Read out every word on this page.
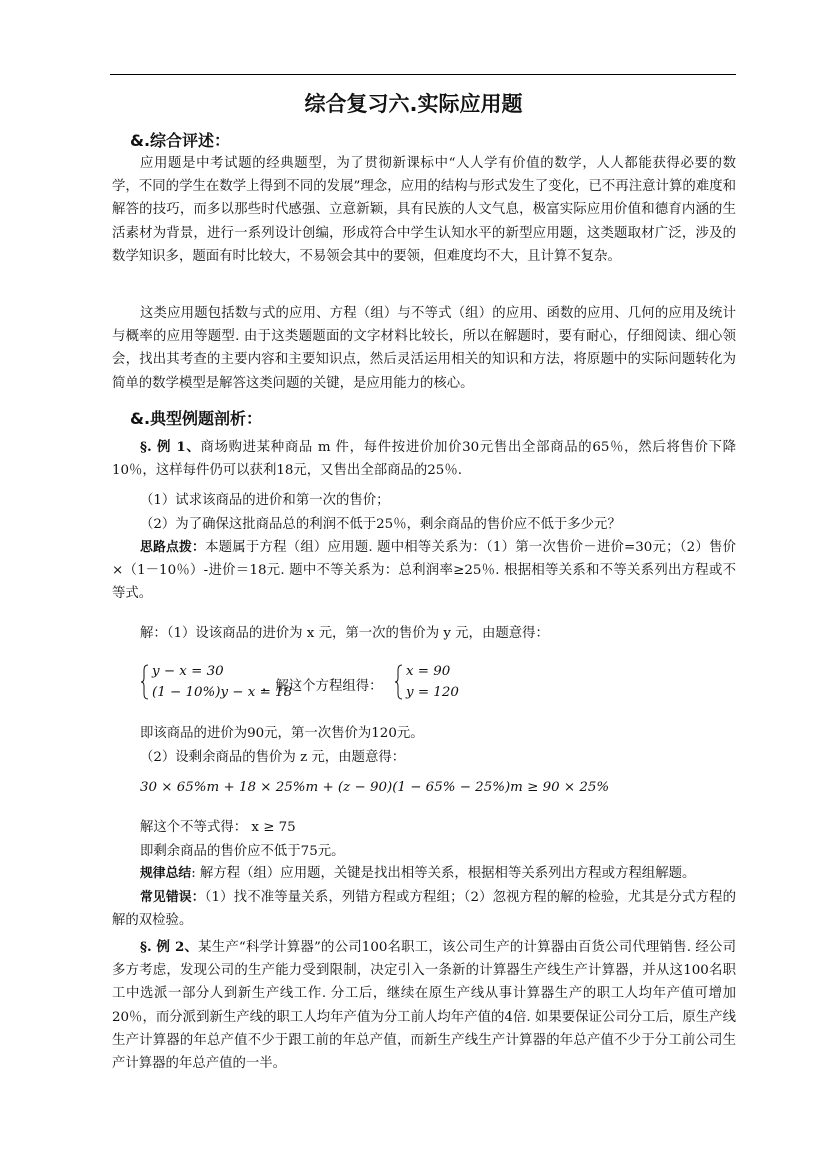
综合复习六.实际应用题
&.综合评述：

应用题是中考试题的经典题型，为了贯彻新课标中“人人学有价值的数学，人人都能获得必要的数学，不同的学生在数学上得到不同的发展”理念，应用的结构与形式发生了变化，已不再注意计算的难度和解答的技巧，而多以那些时代感强、立意新颖，具有民族的人文气息，极富实际应用价值和德育内涵的生活素材为背景，进行一系列设计创编，形成符合中学生认知水平的新型应用题，这类题取材广泛，涉及的数学知识多，题面有时比较大，不易领会其中的要领，但难度均不大，且计算不复杂。

这类应用题包括数与式的应用、方程（组）与不等式（组）的应用、函数的应用、几何的应用及统计与概率的应用等题型. 由于这类题题面的文字材料比较长，所以在解题时，要有耐心，仔细阅读、细心领会，找出其考查的主要内容和主要知识点，然后灵活运用相关的知识和方法，将原题中的实际问题转化为简单的数学模型是解答这类问题的关键，是应用能力的核心。

&.典型例题剖析：

§. 例 1、商场购进某种商品 m 件，每件按进价加价30元售出全部商品的65％，然后将售价下降10％，这样每件仍可以获利18元，又售出全部商品的25％.

（1）试求该商品的进价和第一次的售价；
（2）为了确保这批商品总的利润不低于25％，剩余商品的售价应不低于多少元？

思路点拨：本题属于方程（组）应用题. 题中相等关系为：（1）第一次售价－进价=30元；（2）售价×（1－10％）-进价＝18元. 题中不等关系为：总利润率≥25％. 根据相等关系和不等关系列出方程或不等式。

解：（1）设该商品的进价为 x 元，第一次的售价为 y 元，由题意得：
y − x = 30
(1 − 10%)y − x = 18
，解这个方程组得：
x = 90
y = 120
即该商品的进价为90元，第一次售价为120元。
（2）设剩余商品的售价为 z 元，由题意得：
30 × 65%m + 18 × 25%m + (z − 90)(1 − 65% − 25%)m ≥ 90 × 25%
解这个不等式得： x ≥ 75
即剩余商品的售价应不低于75元。

规律总结: 解方程（组）应用题，关键是找出相等关系，根据相等关系列出方程或方程组解题。

常见错误：（1）找不准等量关系，列错方程或方程组；（2）忽视方程的解的检验，尤其是分式方程的解的双检验。

§. 例 2、某生产“科学计算器”的公司100名职工，该公司生产的计算器由百货公司代理销售. 经公司多方考虑，发现公司的生产能力受到限制，决定引入一条新的计算器生产线生产计算器，并从这100名职工中选派一部分人到新生产线工作. 分工后，继续在原生产线从事计算器生产的职工人均年产值可增加20％，而分派到新生产线的职工人均年产值为分工前人均年产值的4倍. 如果要保证公司分工后，原生产线生产计算器的年总产值不少于跟工前的年总产值，而新生产线生产计算器的年总产值不少于分工前公司生产计算器的年总产值的一半。
